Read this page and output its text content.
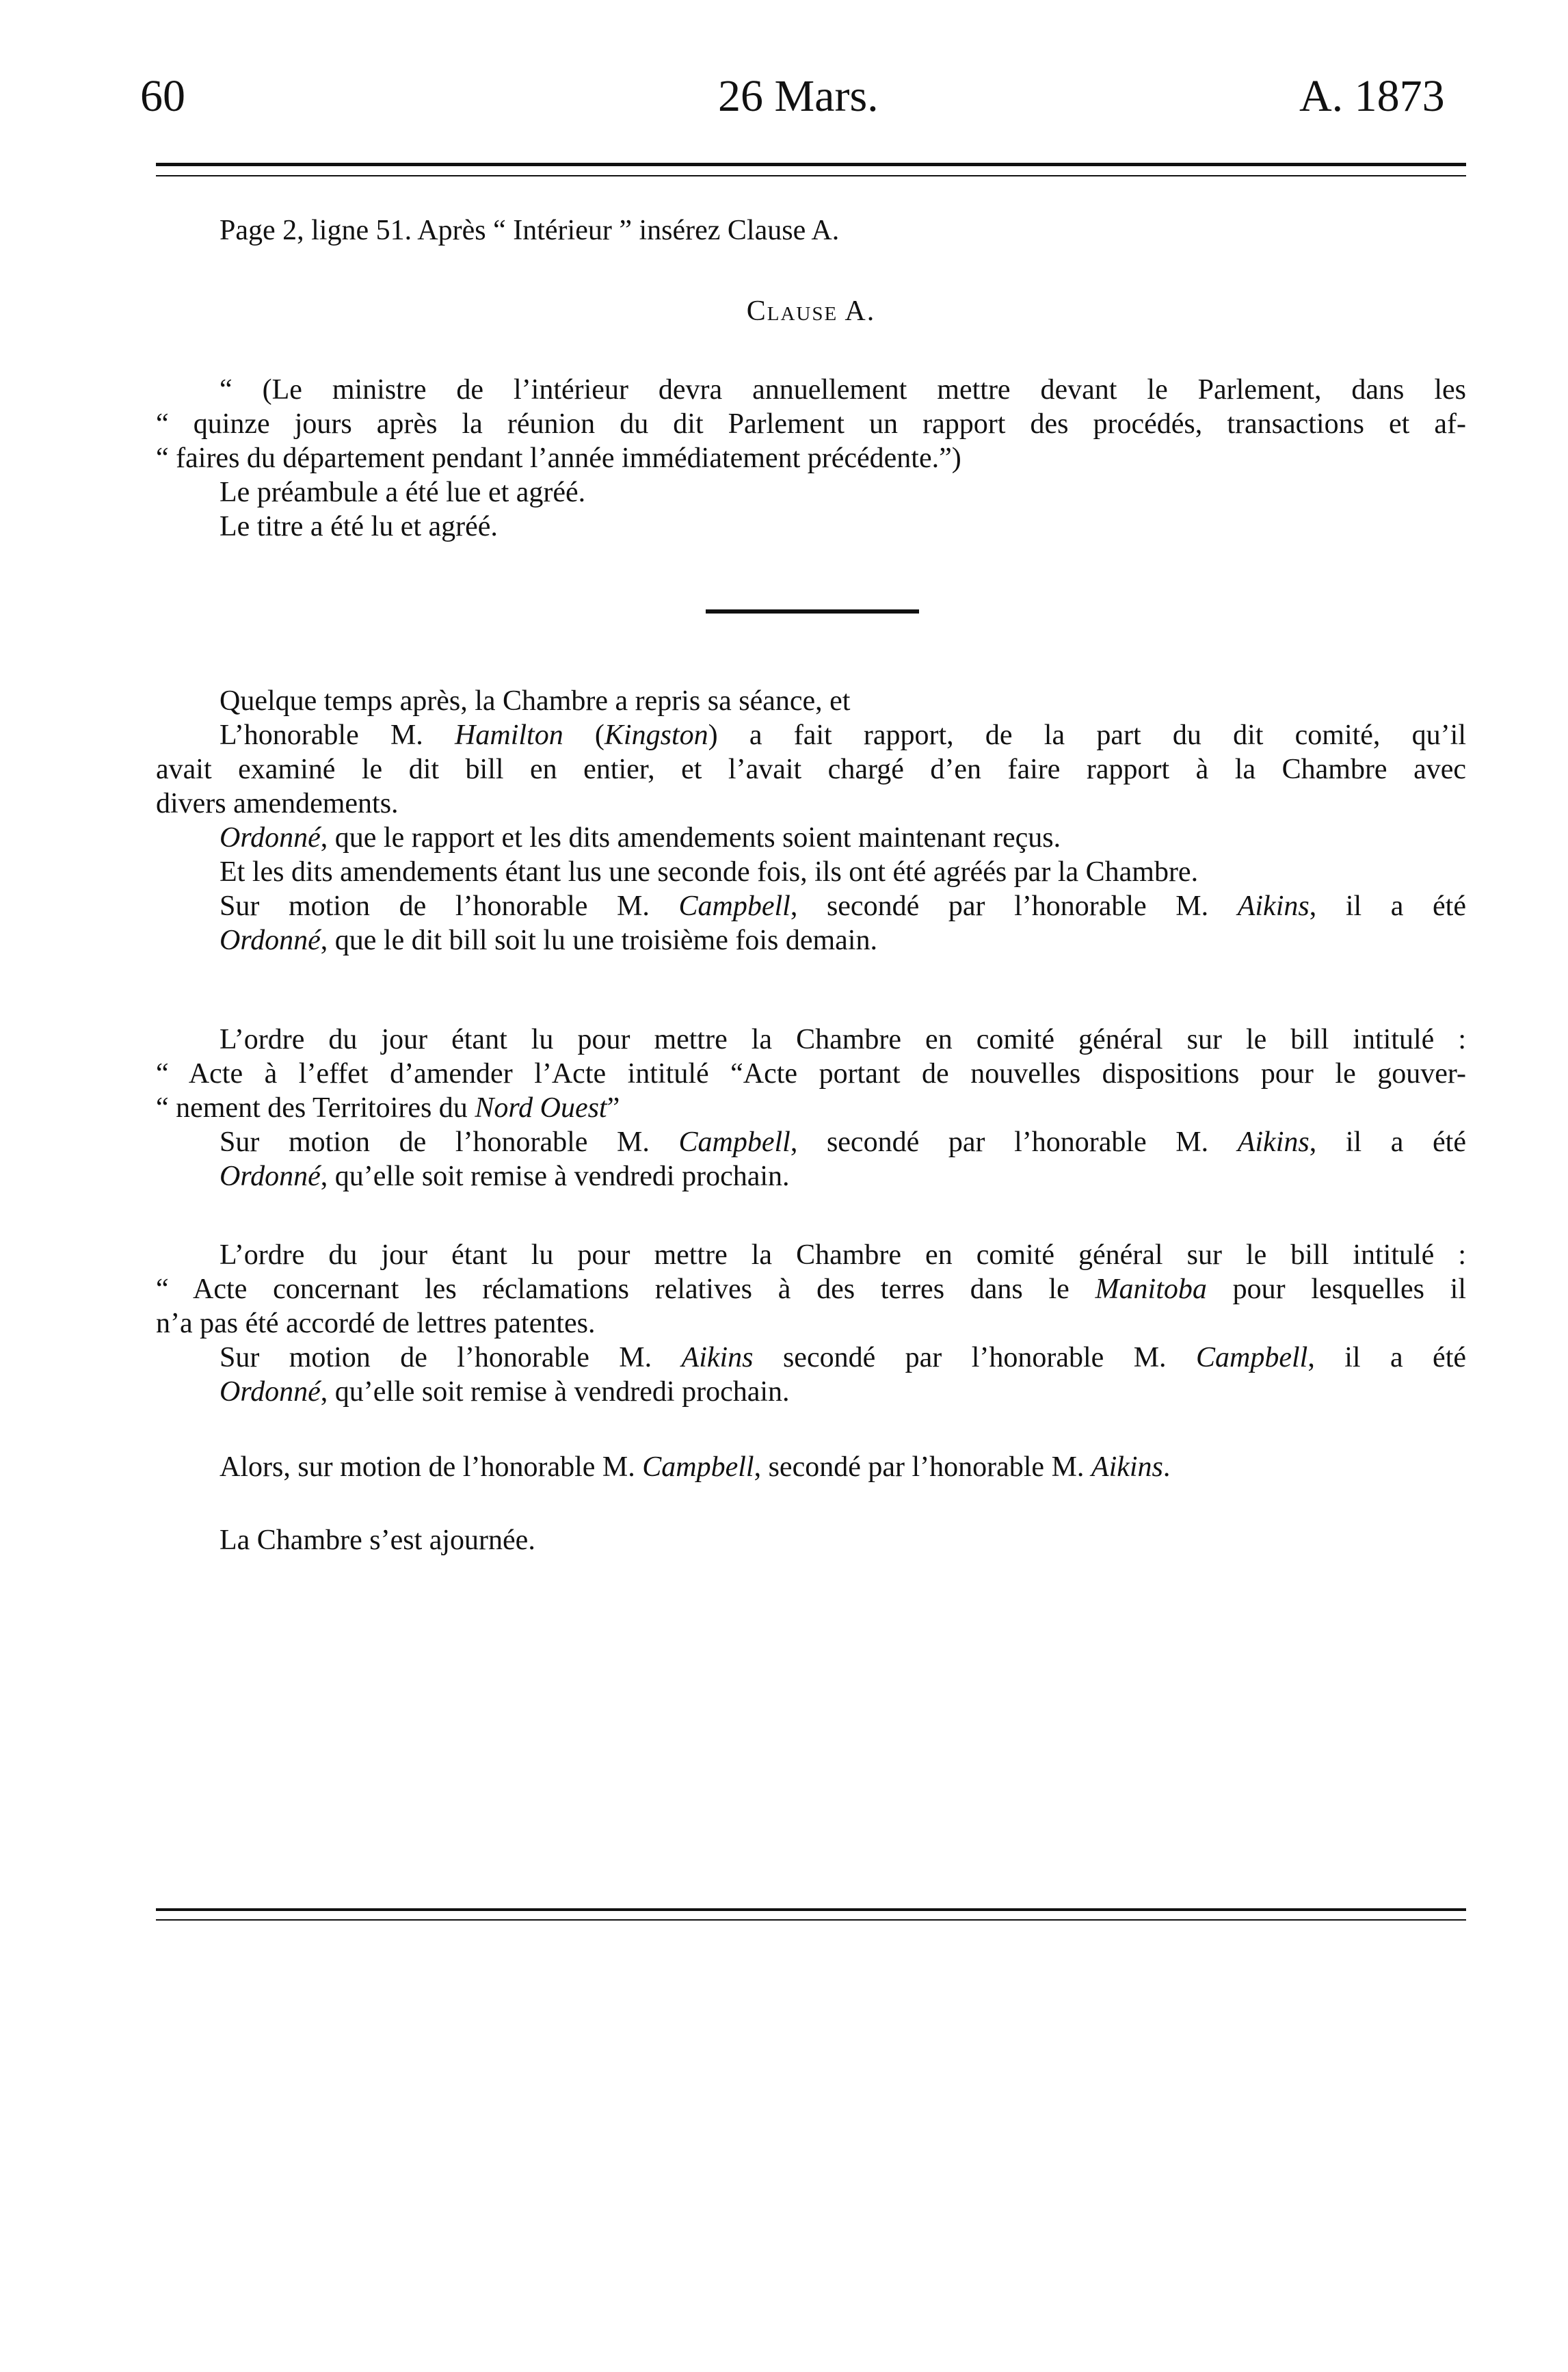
60	26 Mars.	A. 1873
Page 2, ligne 51. Après “ Intérieur ” insérez Clause A.
Clause A.
“ (Le ministre de l’intérieur devra annuellement mettre devant le Parlement, dans les
“ quinze jours après la réunion du dit Parlement un rapport des procédés, transactions et af-
“ faires du département pendant l’année immédiatement précédente.”)
Le préambule a été lue et agréé.
Le titre a été lu et agréé.
Quelque temps après, la Chambre a repris sa séance, et
L’honorable M. Hamilton (Kingston) a fait rapport, de la part du dit comité, qu’il
avait examiné le dit bill en entier, et l’avait chargé d’en faire rapport à la Chambre avec
divers amendements.
Ordonné, que le rapport et les dits amendements soient maintenant reçus.
Et les dits amendements étant lus une seconde fois, ils ont été agréés par la Chambre.
Sur motion de l’honorable M. Campbell, secondé par l’honorable M. Aikins, il a été
Ordonné, que le dit bill soit lu une troisième fois demain.
L’ordre du jour étant lu pour mettre la Chambre en comité général sur le bill intitulé :
“ Acte à l’effet d’amender l’Acte intitulé “Acte portant de nouvelles dispositions pour le gouver-
“ nement des Territoires du Nord Ouest”
Sur motion de l’honorable M. Campbell, secondé par l’honorable M. Aikins, il a été
Ordonné, qu’elle soit remise à vendredi prochain.
L’ordre du jour étant lu pour mettre la Chambre en comité général sur le bill intitulé :
“ Acte concernant les réclamations relatives à des terres dans le Manitoba pour lesquelles il
n’a pas été accordé de lettres patentes.
Sur motion de l’honorable M. Aikins secondé par l’honorable M. Campbell, il a été
Ordonné, qu’elle soit remise à vendredi prochain.
Alors, sur motion de l’honorable M. Campbell, secondé par l’honorable M. Aikins.
La Chambre s’est ajournée.
